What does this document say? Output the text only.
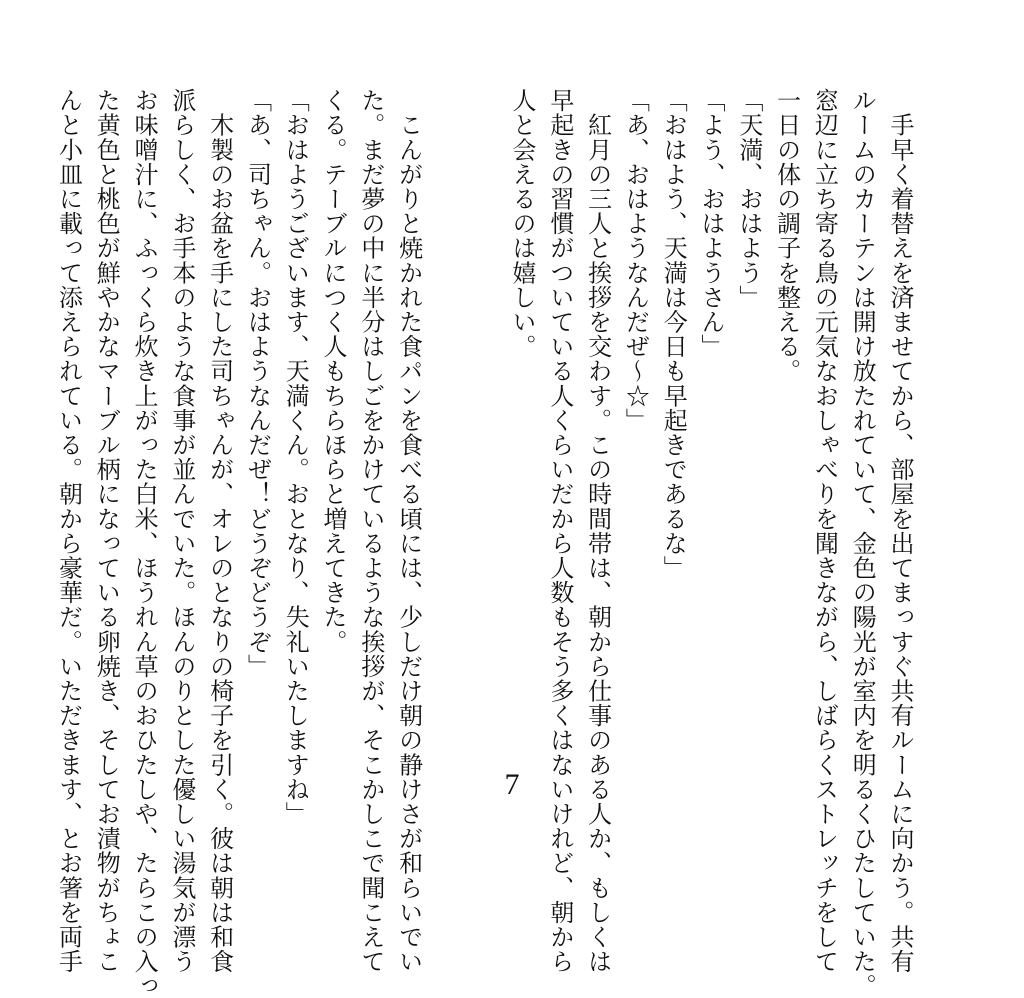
　手早く着替えを済ませてから、部屋を出てまっすぐ共有ルームに向かう。共有
ルームのカーテンは開け放たれていて、金色の陽光が室内を明るくひたしていた。
窓辺に立ち寄る鳥の元気なおしゃべりを聞きながら、しばらくストレッチをして
一日の体の調子を整える。
「天満、おはよう」
「よう、おはようさん」
「おはよう、天満は今日も早起きであるな」
「あ、おはようなんだぜ〜☆」
　紅月の三人と挨拶を交わす。この時間帯は、朝から仕事のある人か、もしくは
早起きの習慣がついている人くらいだから人数もそう多くはないけれど、朝から
人と会えるのは嬉しい。

　こんがりと焼かれた食パンを食べる頃には、少しだけ朝の静けさが和らいでい
た。まだ夢の中に半分はしごをかけているような挨拶が、そこかしこで聞こえて
くる。テーブルにつく人もちらほらと増えてきた。
「おはようございます、天満くん。おとなり、失礼いたしますね」
「あ、司ちゃん。おはようなんだぜ！どうぞどうぞ」
　木製のお盆を手にした司ちゃんが、オレのとなりの椅子を引く。彼は朝は和食
派らしく、お手本のような食事が並んでいた。ほんのりとした優しい湯気が漂う
お味噌汁に、ふっくら炊き上がった白米、ほうれん草のおひたしや、たらこの入っ
た黄色と桃色が鮮やかなマーブル柄になっている卵焼き、そしてお漬物がちょこ
んと小皿に載って添えられている。朝から豪華だ。いただきます、とお箸を両手	7
